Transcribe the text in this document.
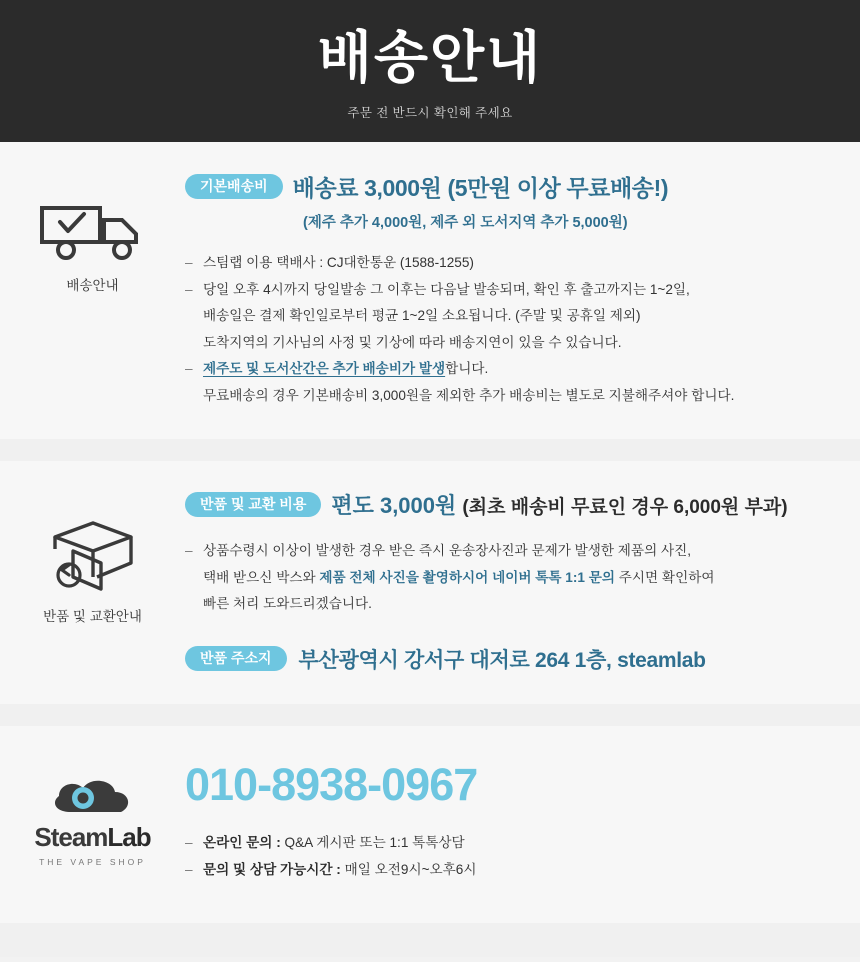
배송안내
주문 전 반드시 확인해 주세요
배송안내
기본배송비	배송료 3,000원 (5만원 이상 무료배송!)
(제주 추가 4,000원, 제주 외 도서지역 추가 5,000원)
– 스팀랩 이용 택배사 : CJ대한통운 (1588-1255)
– 당일 오후 4시까지 당일발송 그 이후는 다음날 발송되며, 확인 후 출고까지는 1~2일,
배송일은 결제 확인일로부터 평균 1~2일 소요됩니다. (주말 및 공휴일 제외)
도착지역의 기사님의 사정 및 기상에 따라 배송지연이 있을 수 있습니다.
– 제주도 및 도서산간은 추가 배송비가 발생합니다.
무료배송의 경우 기본배송비 3,000원을 제외한 추가 배송비는 별도로 지불해주셔야 합니다.
반품 및 교환안내
반품 및 교환 비용	편도 3,000원 (최초 배송비 무료인 경우 6,000원 부과)
– 상품수령시 이상이 발생한 경우 받은 즉시 운송장사진과 문제가 발생한 제품의 사진,
택배 받으신 박스와 제품 전체 사진을 촬영하시어 네이버 톡톡 1:1 문의 주시면 확인하여
빠른 처리 도와드리겠습니다.
반품 주소지	부산광역시 강서구 대저로 264 1층, steamlab
SteamLab
THE VAPE SHOP
010-8938-0967
– 온라인 문의 : Q&A 게시판 또는 1:1 톡톡상담
– 문의 및 상담 가능시간 : 매일 오전9시~오후6시
